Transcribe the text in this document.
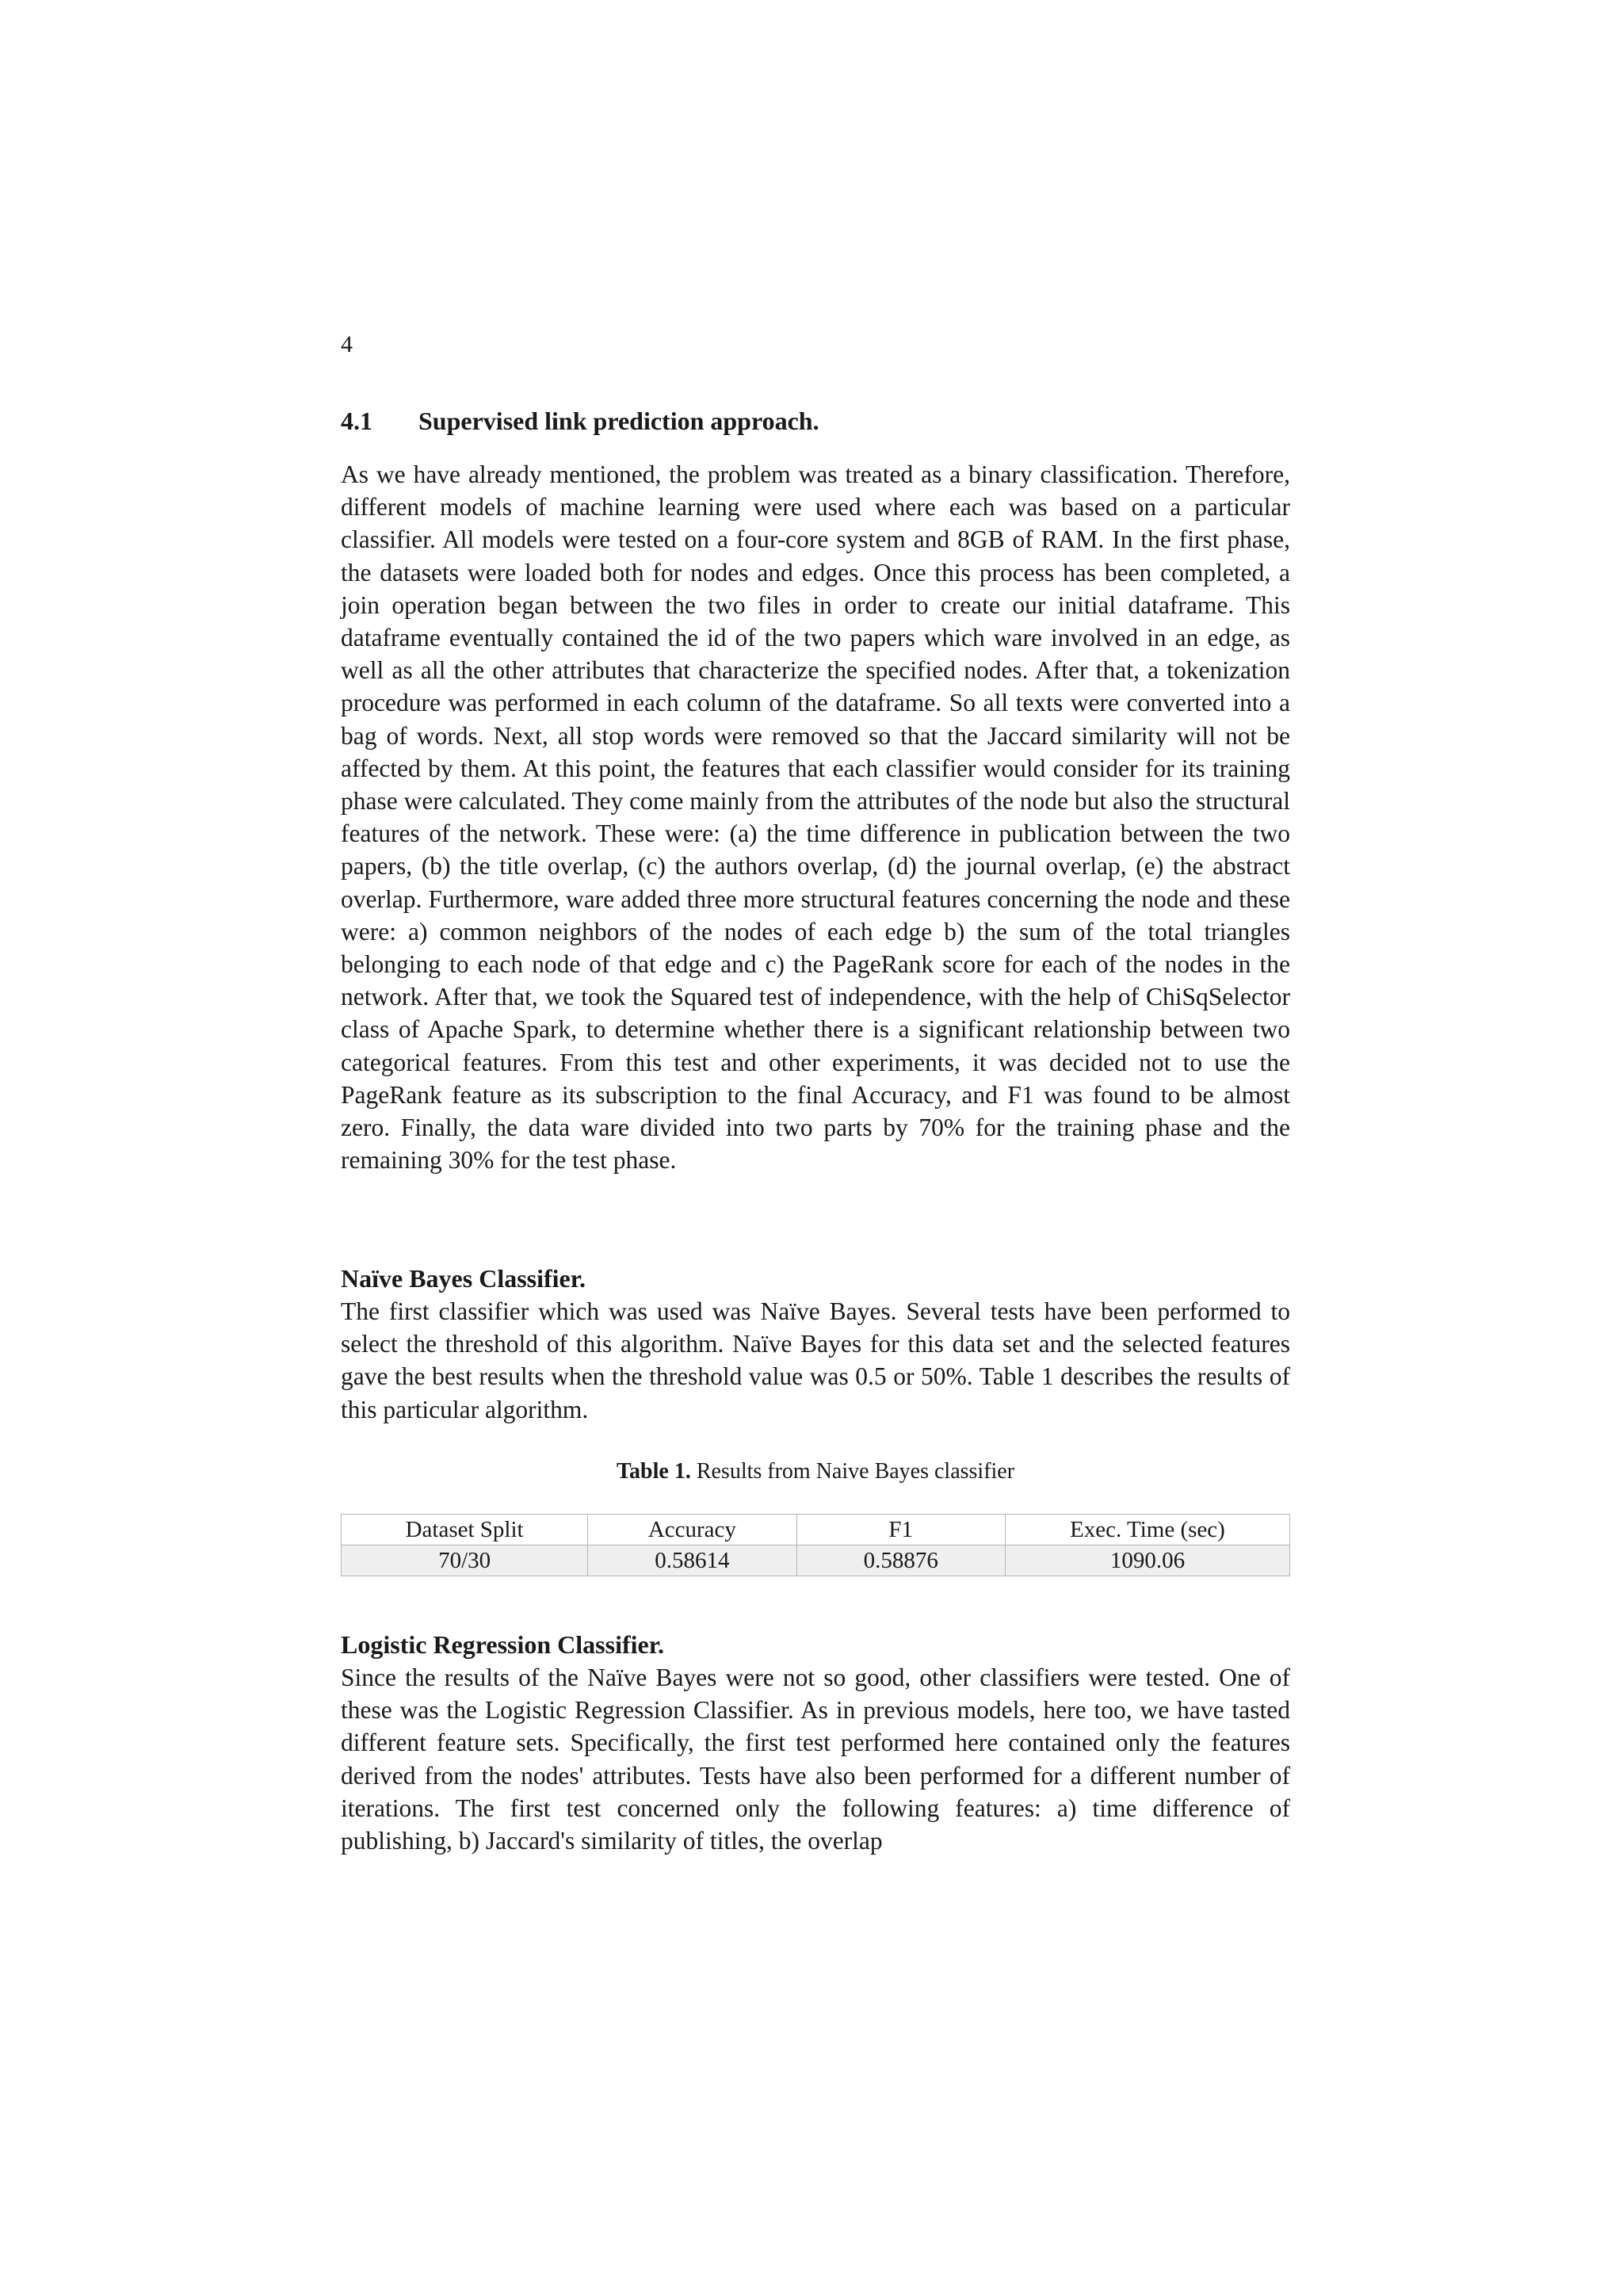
4
4.1 Supervised link prediction approach.

As we have already mentioned, the problem was treated as a binary classification. Therefore, different models of machine learning were used where each was based on a particular classifier. All models were tested on a four-core system and 8GB of RAM. In the first phase, the datasets were loaded both for nodes and edges. Once this process has been completed, a join operation began between the two files in order to create our initial dataframe. This dataframe eventually contained the id of the two papers which ware involved in an edge, as well as all the other attributes that characterize the specified nodes. After that, a tokenization procedure was performed in each column of the dataframe. So all texts were converted into a bag of words. Next, all stop words were removed so that the Jaccard similarity will not be affected by them. At this point, the features that each classifier would consider for its training phase were calculated. They come mainly from the attributes of the node but also the structural features of the network. These were: (a) the time difference in publication between the two papers, (b) the title overlap, (c) the authors overlap, (d) the journal overlap, (e) the abstract overlap. Furthermore, ware added three more structural features concerning the node and these were: a) common neighbors of the nodes of each edge b) the sum of the total triangles belonging to each node of that edge and c) the PageRank score for each of the nodes in the network. After that, we took the Squared test of independence, with the help of ChiSqSelector class of Apache Spark, to determine whether there is a significant relationship between two categorical features. From this test and other experiments, it was decided not to use the PageRank feature as its subscription to the final Accuracy, and F1 was found to be almost zero. Finally, the data ware divided into two parts by 70% for the training phase and the remaining 30% for the test phase.

Naïve Bayes Classifier.

The first classifier which was used was Naïve Bayes. Several tests have been performed to select the threshold of this algorithm. Naïve Bayes for this data set and the selected features gave the best results when the threshold value was 0.5 or 50%. Table 1 describes the results of this particular algorithm.

Table 1. Results from Naive Bayes classifier
Dataset Split	Accuracy	F1	Exec. Time (sec)
70/30	0.58614	0.58876	1090.06
Logistic Regression Classifier.

Since the results of the Naïve Bayes were not so good, other classifiers were tested. One of these was the Logistic Regression Classifier. As in previous models, here too, we have tasted different feature sets. Specifically, the first test performed here contained only the features derived from the nodes' attributes. Tests have also been performed for a different number of iterations. The first test concerned only the following features: a) time difference of publishing, b) Jaccard's similarity of titles, the overlap
